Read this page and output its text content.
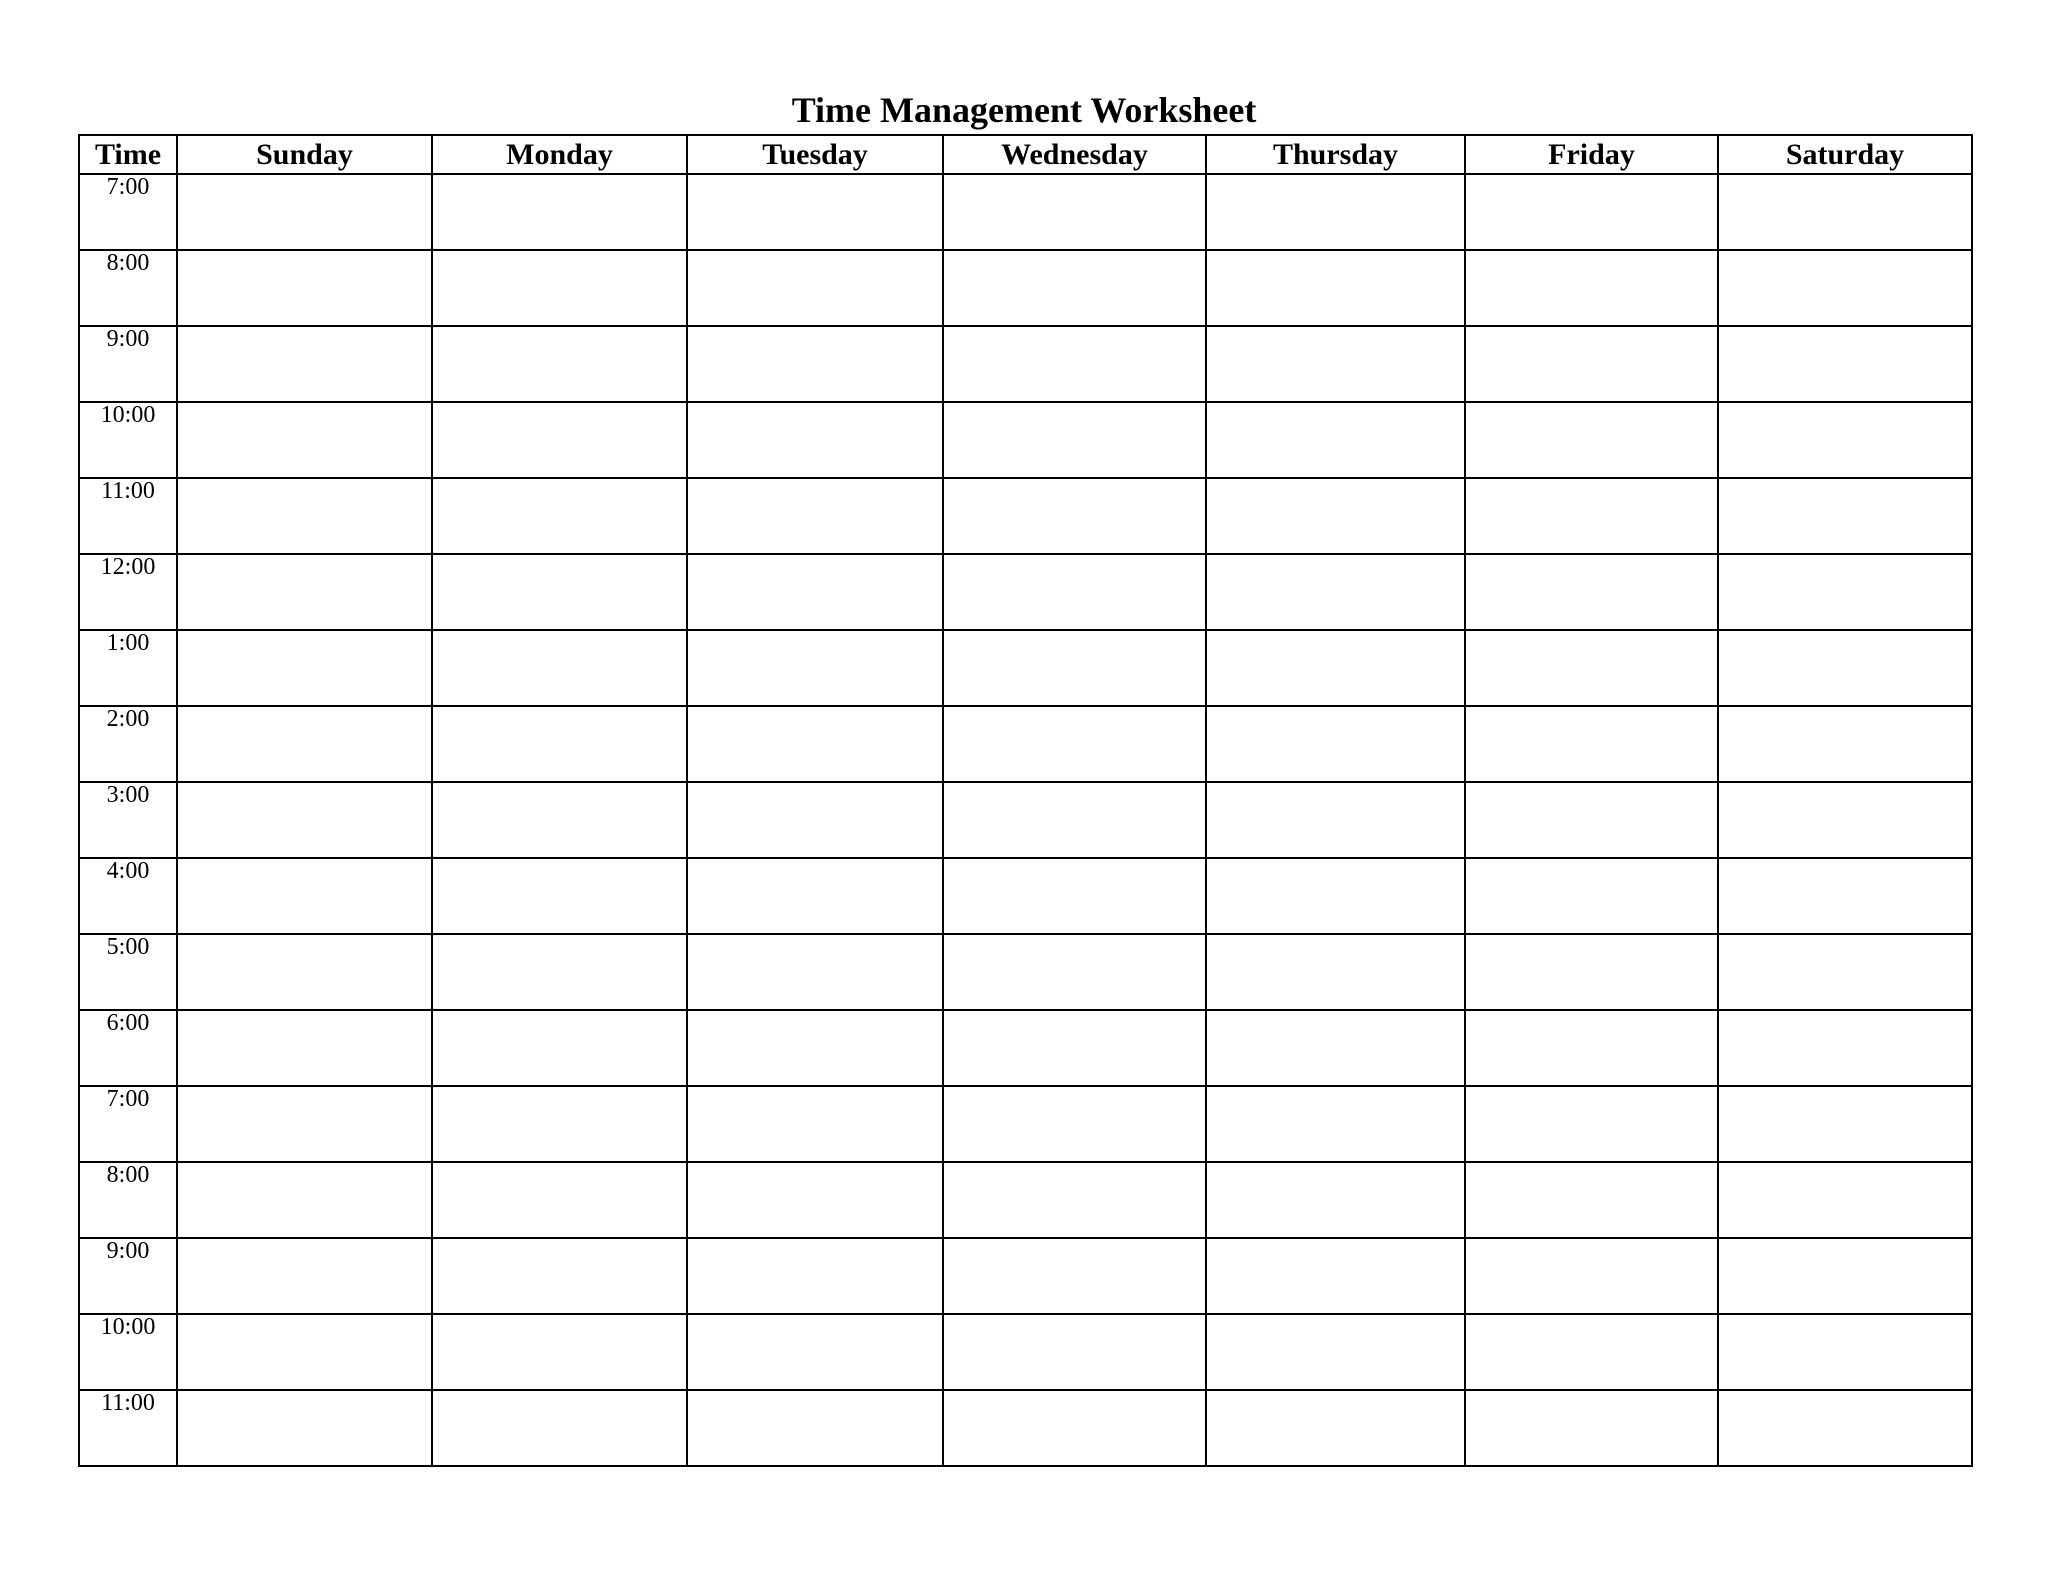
Time Management Worksheet
Time	Sunday	Monday	Tuesday	Wednesday	Thursday	Friday	Saturday
7:00							
8:00							
9:00							
10:00							
11:00							
12:00							
1:00							
2:00							
3:00							
4:00							
5:00							
6:00							
7:00							
8:00							
9:00							
10:00							
11:00							
